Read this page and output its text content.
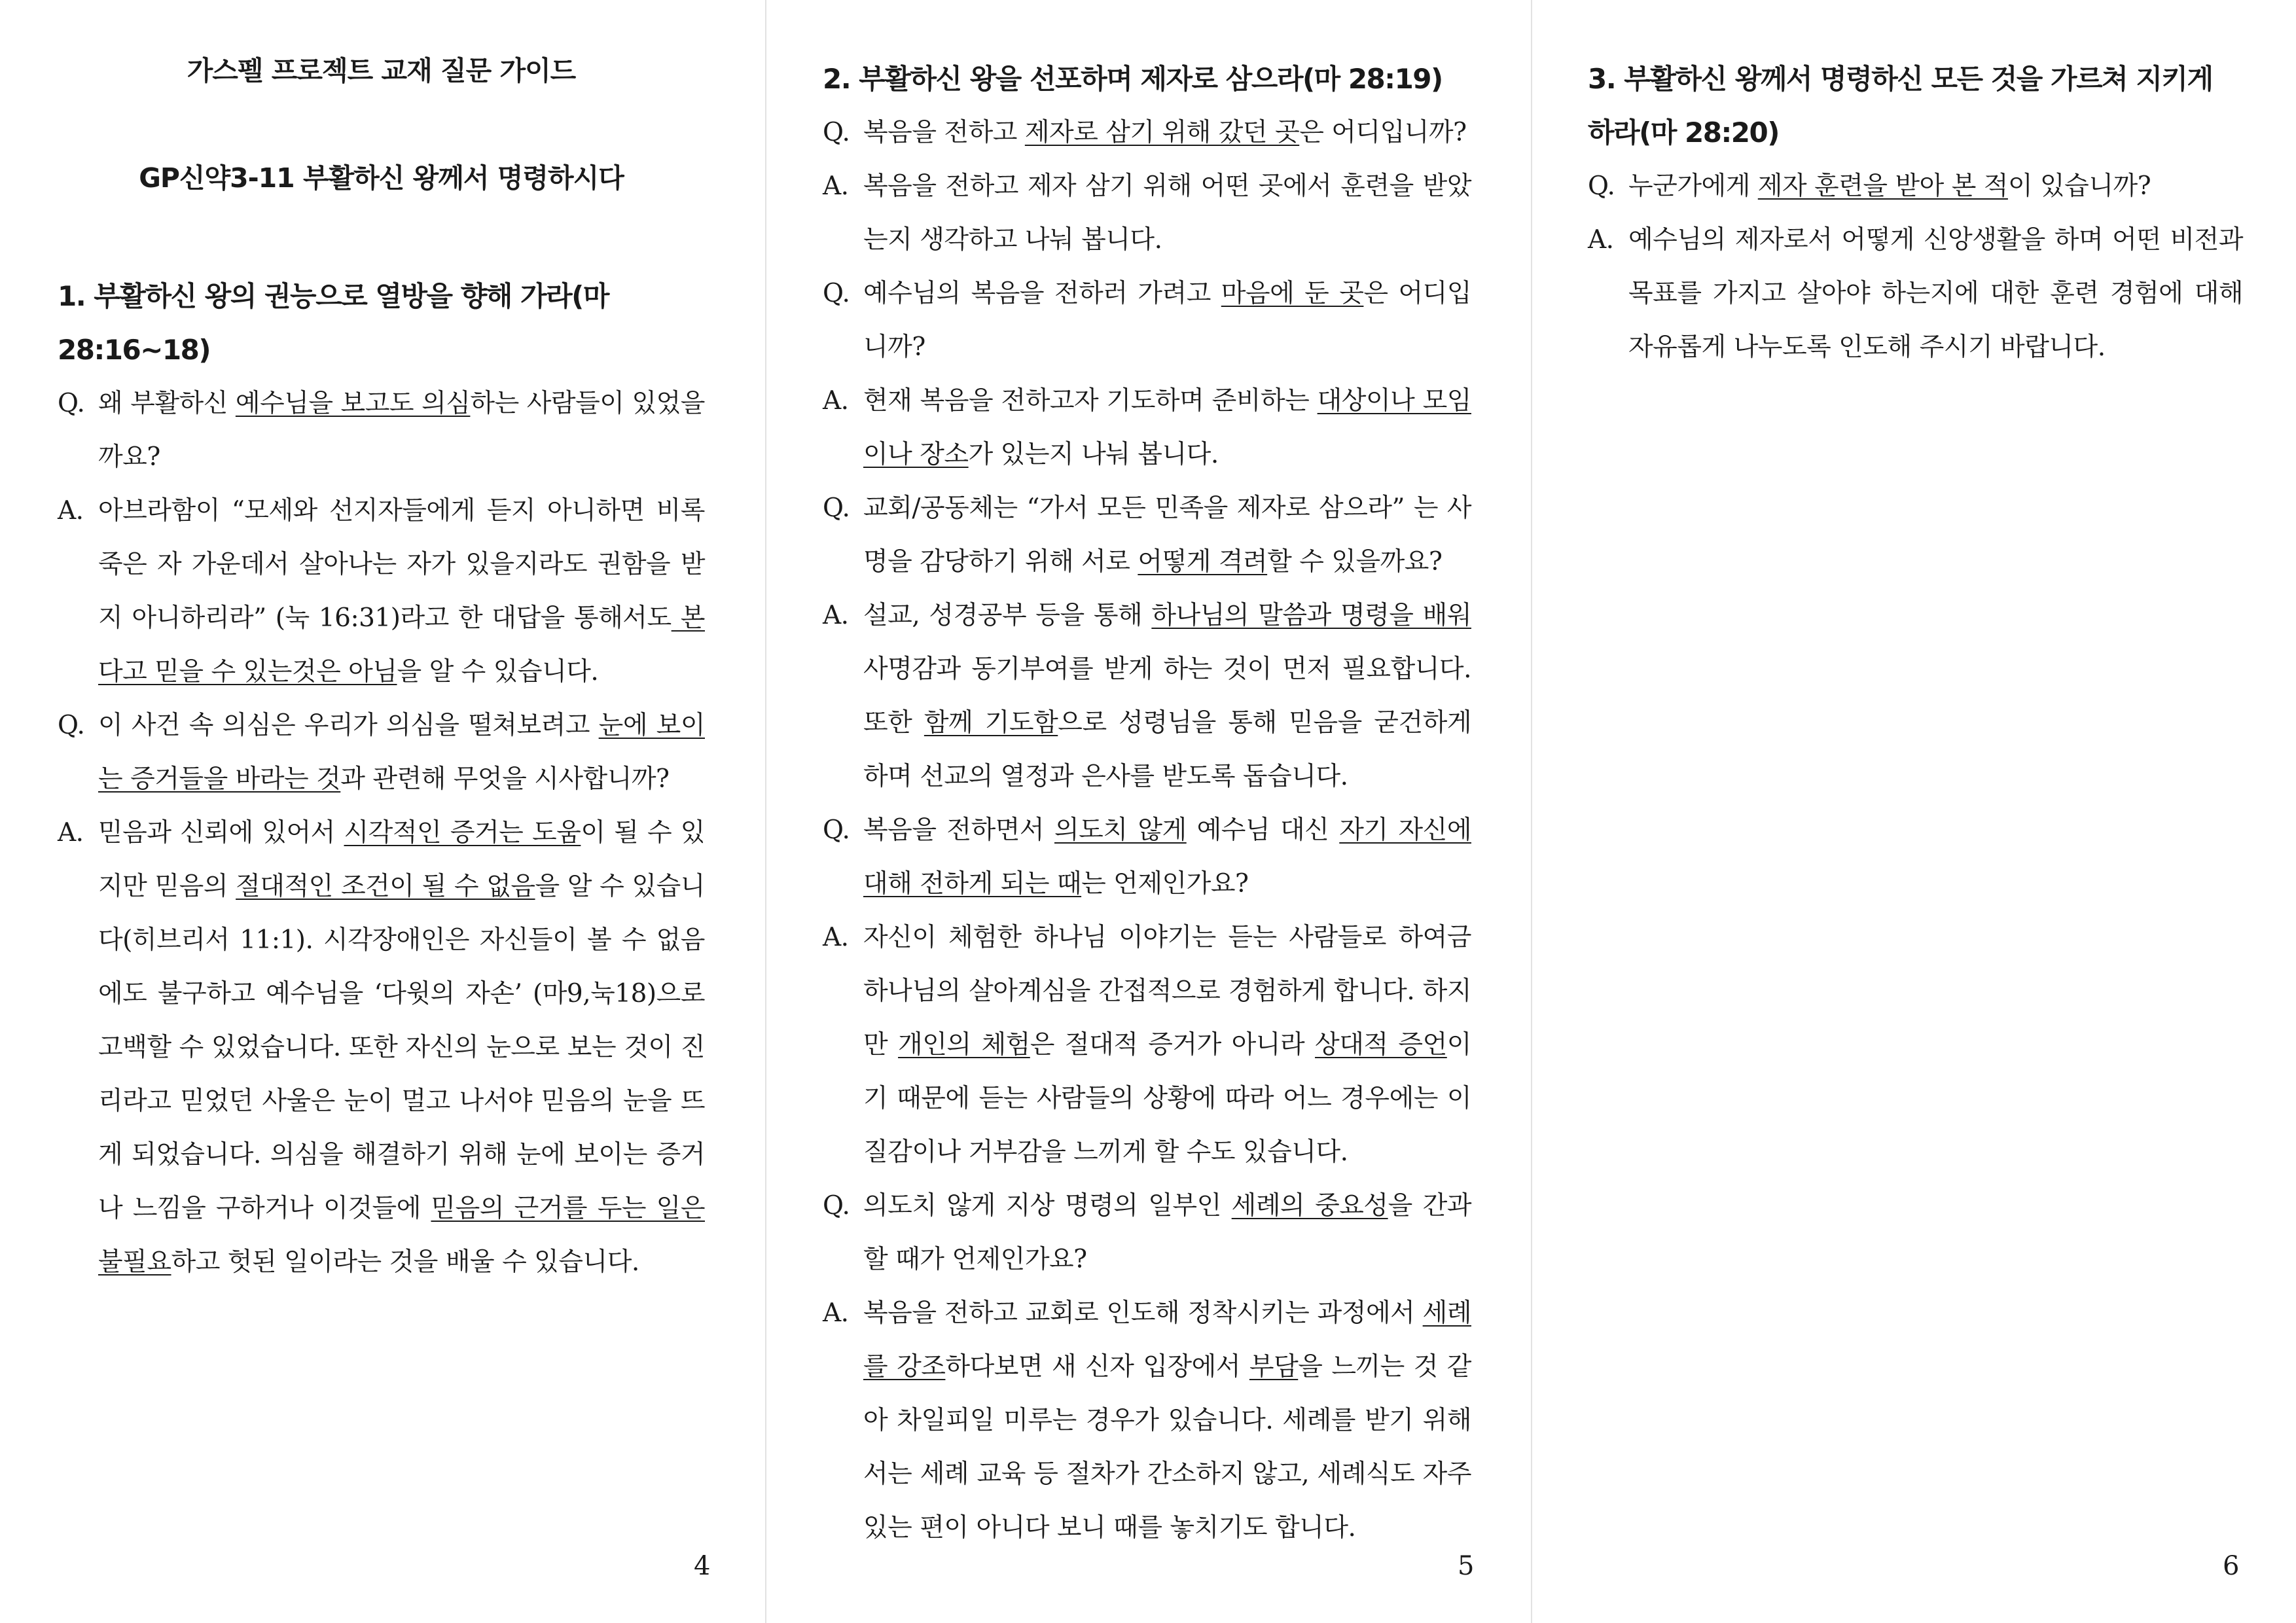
가스펠 프로젝트 교재 질문 가이드
GP신약3-11 부활하신 왕께서 명령하시다
1. 부활하신 왕의 권능으로 열방을 향해 가라(마 28:16~18)
Q. 왜 부활하신 예수님을 보고도 의심하는 사람들이 있었을까요?
A. 아브라함이 “모세와 선지자들에게 듣지 아니하면 비록 죽은 자 가운데서 살아나는 자가 있을지라도 권함을 받지 아니하리라” (눅 16:31)라고 한 대답을 통해서도 본다고 믿을 수 있는것은 아님을 알 수 있습니다.
Q. 이 사건 속 의심은 우리가 의심을 떨쳐보려고 눈에 보이는 증거들을 바라는 것과 관련해 무엇을 시사합니까?
A. 믿음과 신뢰에 있어서 시각적인 증거는 도움이 될 수 있지만 믿음의 절대적인 조건이 될 수 없음을 알 수 있습니다(히브리서 11:1). 시각장애인은 자신들이 볼 수 없음에도 불구하고 예수님을 ‘다윗의 자손’ (마9,눅18)으로 고백할 수 있었습니다. 또한 자신의 눈으로 보는 것이 진리라고 믿었던 사울은 눈이 멀고 나서야 믿음의 눈을 뜨게 되었습니다. 의심을 해결하기 위해 눈에 보이는 증거나 느낌을 구하거나 이것들에 믿음의 근거를 두는 일은 불필요하고 헛된 일이라는 것을 배울 수 있습니다.
4
2. 부활하신 왕을 선포하며 제자로 삼으라(마 28:19)
Q. 복음을 전하고 제자로 삼기 위해 갔던 곳은 어디입니까?
A. 복음을 전하고 제자 삼기 위해 어떤 곳에서 훈련을 받았는지 생각하고 나눠 봅니다.
Q. 예수님의 복음을 전하러 가려고 마음에 둔 곳은 어디입니까?
A. 현재 복음을 전하고자 기도하며 준비하는 대상이나 모임이나 장소가 있는지 나눠 봅니다.
Q. 교회/공동체는 “가서 모든 민족을 제자로 삼으라” 는 사명을 감당하기 위해 서로 어떻게 격려할 수 있을까요?
A. 설교, 성경공부 등을 통해 하나님의 말씀과 명령을 배워 사명감과 동기부여를 받게 하는 것이 먼저 필요합니다. 또한 함께 기도함으로 성령님을 통해 믿음을 굳건하게 하며 선교의 열정과 은사를 받도록 돕습니다.
Q. 복음을 전하면서 의도치 않게 예수님 대신 자기 자신에 대해 전하게 되는 때는 언제인가요?
A. 자신이 체험한 하나님 이야기는 듣는 사람들로 하여금 하나님의 살아계심을 간접적으로 경험하게 합니다. 하지만 개인의 체험은 절대적 증거가 아니라 상대적 증언이기 때문에 듣는 사람들의 상황에 따라 어느 경우에는 이질감이나 거부감을 느끼게 할 수도 있습니다.
Q. 의도치 않게 지상 명령의 일부인 세례의 중요성을 간과할 때가 언제인가요?
A. 복음을 전하고 교회로 인도해 정착시키는 과정에서 세례를 강조하다보면 새 신자 입장에서 부담을 느끼는 것 같아 차일피일 미루는 경우가 있습니다. 세례를 받기 위해서는 세례 교육 등 절차가 간소하지 않고, 세례식도 자주 있는 편이 아니다 보니 때를 놓치기도 합니다.
5
3. 부활하신 왕께서 명령하신 모든 것을 가르쳐 지키게 하라(마 28:20)
Q. 누군가에게 제자 훈련을 받아 본 적이 있습니까?
A. 예수님의 제자로서 어떻게 신앙생활을 하며 어떤 비전과 목표를 가지고 살아야 하는지에 대한 훈련 경험에 대해 자유롭게 나누도록 인도해 주시기 바랍니다.
6
